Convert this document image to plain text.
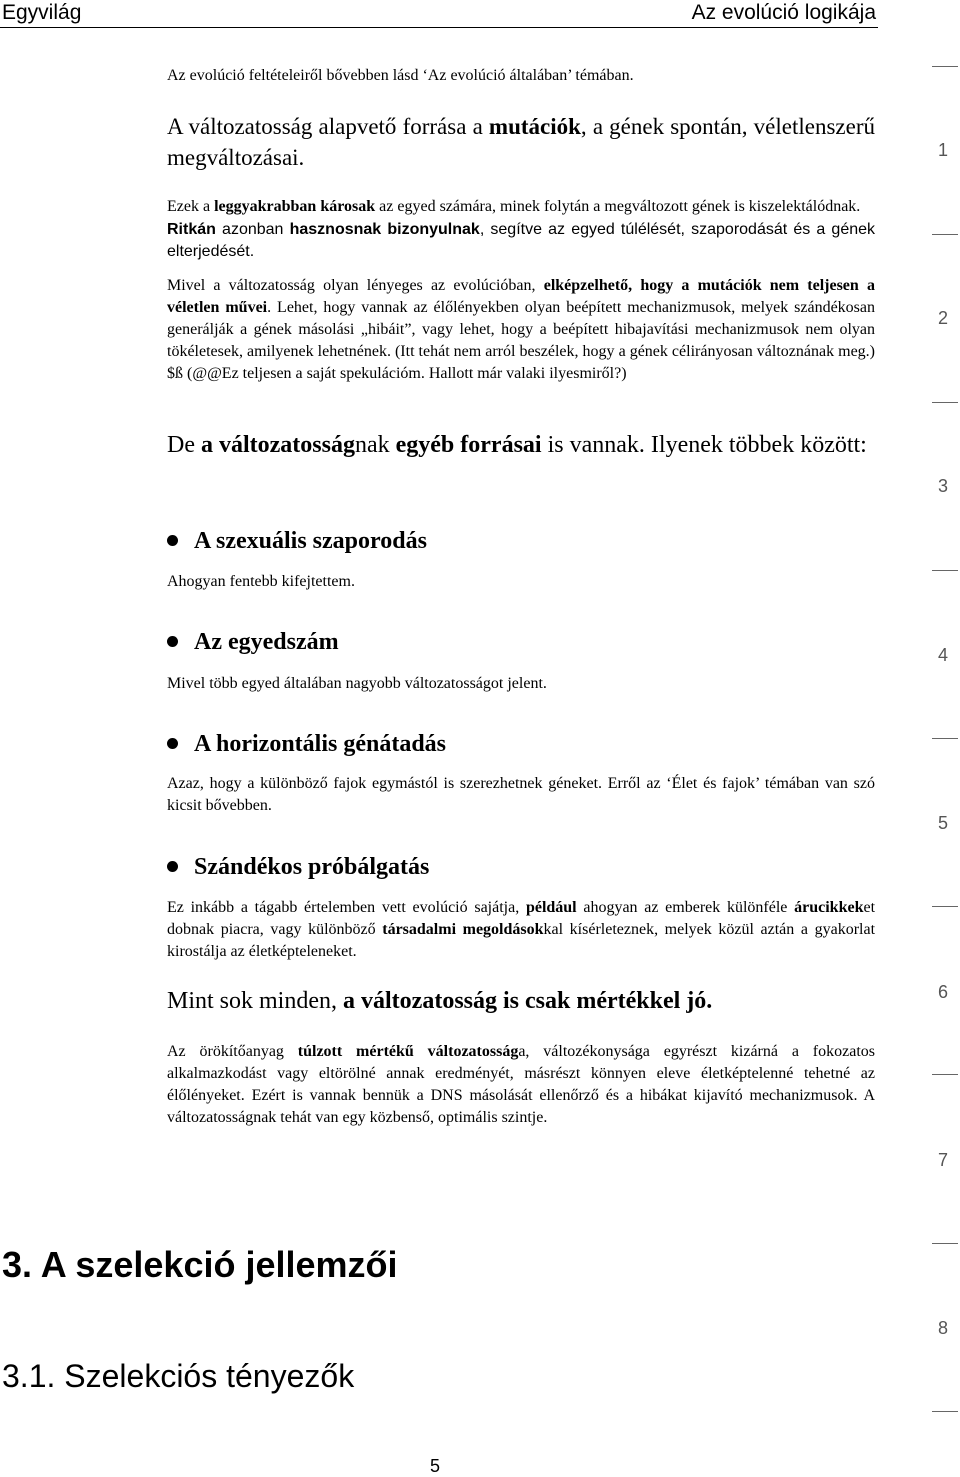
Egyvilág	Az evolúció logikája
1
2
3
4
5
6
7
8

Az evolúció feltételeiről bővebben lásd ‘Az evolúció általában’ témában.

A változatosság alapvető forrása a mutációk, a gének spontán, véletlenszerű megváltozásai.

Ezek a leggyakrabban károsak az egyed számára, minek folytán a megváltozott gének is kiszelektálódnak.

Ritkán azonban hasznosnak bizonyulnak, segítve az egyed túlélését, szaporodását és a gének elterjedését.

Mivel a változatosság olyan lényeges az evolúcióban, elképzelhető, hogy a mutációk nem teljesen a véletlen művei. Lehet, hogy vannak az élőlényekben olyan beépített mechanizmusok, melyek szándékosan generálják a gének másolási „hibáit”, vagy lehet, hogy a beépített hibajavítási mechanizmusok nem olyan tökéletesek, amilyenek lehetnének. (Itt tehát nem arról beszélek, hogy a gének célirányosan változnának meg.) $ß (@@Ez teljesen a saját spekulációm. Hallott már valaki ilyesmiről?)

De a változatosságnak egyéb forrásai is vannak. Ilyenek többek között:

A szexuális szaporodás

Ahogyan fentebb kifejtettem.

Az egyedszám

Mivel több egyed általában nagyobb változatosságot jelent.

A horizontális génátadás

Azaz, hogy a különböző fajok egymástól is szerezhetnek géneket. Erről az ‘Élet és fajok’ témában van szó kicsit bővebben.

Szándékos próbálgatás

Ez inkább a tágabb értelemben vett evolúció sajátja, például ahogyan az emberek különféle árucikkeket dobnak piacra, vagy különböző társadalmi megoldásokkal kísérleteznek, melyek közül aztán a gyakorlat kirostálja az életképteleneket.

Mint sok minden, a változatosság is csak mértékkel jó.

Az örökítőanyag túlzott mértékű változatossága, változékonysága egyrészt kizárná a fokozatos alkalmazkodást vagy eltörölné annak eredményét, másrészt könnyen eleve életképtelenné tehetné az élőlényeket. Ezért is vannak bennük a DNS másolását ellenőrző és a hibákat kijavító mechanizmusok. A változatosságnak tehát van egy közbenső, optimális szintje.

3. A szelekció jellemzői
3.1. Szelekciós tényezők
5
